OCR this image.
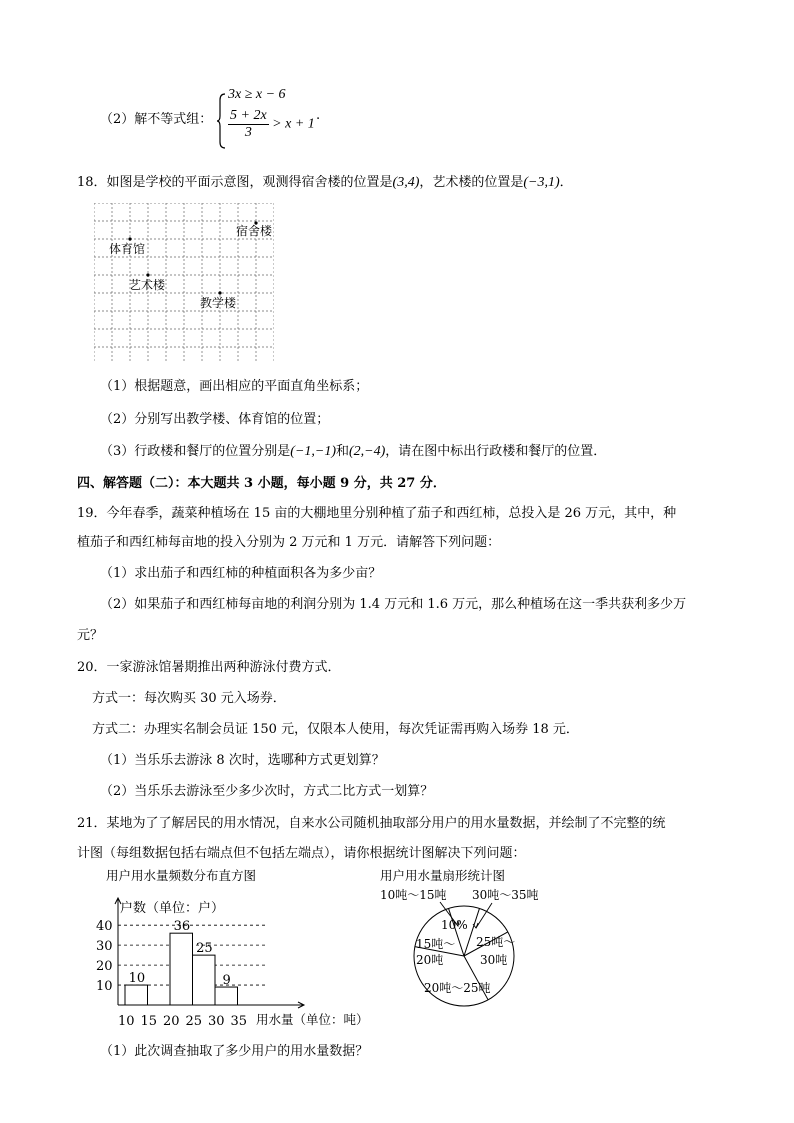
（2）解不等式组：
3x ≥ x − 6
$\frac{5 + 2x}{3} > x + 1$
.
18．如图是学校的平面示意图，观测得宿舍楼的位置是(3,4)，艺术楼的位置是(−3,1)．
宿舍楼
体育馆
艺术楼
教学楼
（1）根据题意，画出相应的平面直角坐标系；
（2）分别写出教学楼、体育馆的位置；
（3）行政楼和餐厅的位置分别是(−1,−1)和(2,−4)，请在图中标出行政楼和餐厅的位置．
四、解答题（二）：本大题共 3 小题，每小题 9 分，共 27 分．
19．今年春季，蔬菜种植场在 15 亩的大棚地里分别种植了茄子和西红柿，总投入是 26 万元，其中，种
植茄子和西红柿每亩地的投入分别为 2 万元和 1 万元．请解答下列问题：
（1）求出茄子和西红柿的种植面积各为多少亩？
（2）如果茄子和西红柿每亩地的利润分别为 1.4 万元和 1.6 万元，那么种植场在这一季共获利多少万
元？
20．一家游泳馆暑期推出两种游泳付费方式．
方式一：每次购买 30 元入场券．
方式二：办理实名制会员证 150 元，仅限本人使用，每次凭证需再购入场券 18 元．
（1）当乐乐去游泳 8 次时，选哪种方式更划算？
（2）当乐乐去游泳至少多少次时，方式二比方式一划算？
21．某地为了了解居民的用水情况，自来水公司随机抽取部分用户的用水量数据，并绘制了不完整的统
计图（每组数据包括右端点但不包括左端点），请你根据统计图解决下列问题：
用户用水量频数分布直方图
10
20
30
40
10 15 20 25 30 35
10
36
25
9
户数（单位：户）
用水量（单位：吨）
用户用水量扇形统计图
10吨～15吨 30吨～35吨
10%
25吨～
30吨
15吨～
20吨
20吨～25吨
（1）此次调查抽取了多少用户的用水量数据？
